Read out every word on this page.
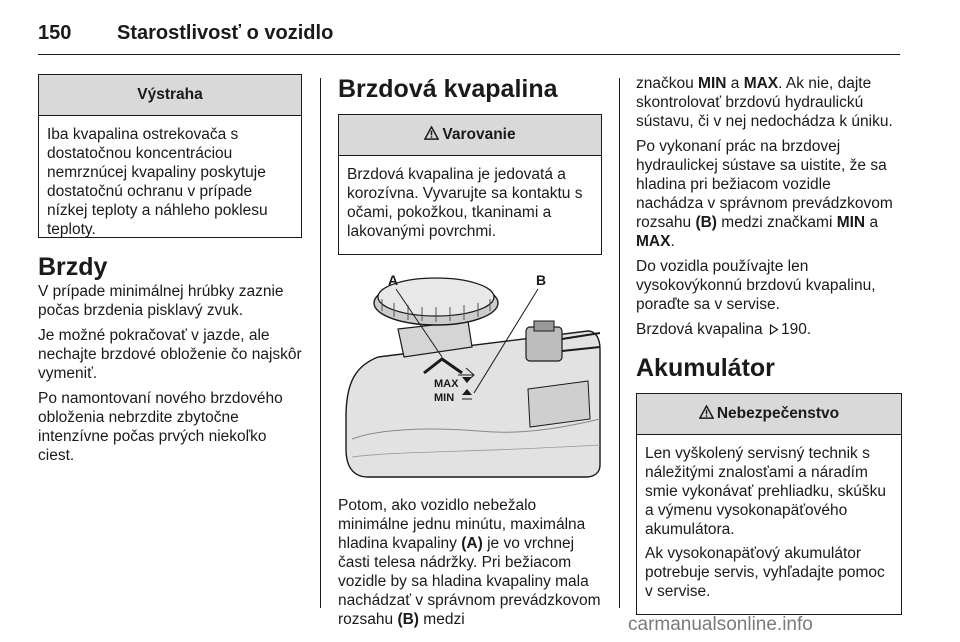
150 Starostlivosť o vozidlo
Výstraha

Iba kvapalina ostrekovača s dostatočnou koncentráciou nemrznúcej kvapaliny poskytuje dostatočnú ochranu v prípade nízkej teploty a náhleho poklesu teploty.

Brzdy

V prípade minimálnej hrúbky zaznie počas brzdenia pisklavý zvuk.

Je možné pokračovať v jazde, ale nechajte brzdové obloženie čo najskôr vymeniť.

Po namontovaní nového brzdového obloženia nebrzdite zbytočne intenzívne počas prvých niekoľko ciest.

Brzdová kvapalina
Varovanie

Brzdová kvapalina je jedovatá a korozívna. Vyvarujte sa kontaktu s očami, pokožkou, tkaninami a lakovanými povrchmi.

MAX
MIN
A	B

Potom, ako vozidlo nebežalo minimálne jednu minútu, maximálna hladina kvapaliny (A) je vo vrchnej časti telesa nádržky. Pri bežiacom vozidle by sa hladina kvapaliny mala nachádzať v správnom prevádzkovom rozsahu (B) medzi

značkou MIN a MAX. Ak nie, dajte skontrolovať brzdovú hydraulickú sústavu, či v nej nedochádza k úniku.

Po vykonaní prác na brzdovej hydraulickej sústave sa uistite, že sa hladina pri bežiacom vozidle nachádza v správnom prevádzkovom rozsahu (B) medzi značkami MIN a MAX.

Do vozidla používajte len vysokovýkonnú brzdovú kvapalinu, poraďte sa v servise.

Brzdová kvapalina 190.

Akumulátor
Nebezpečenstvo

Len vyškolený servisný technik s náležitými znalosťami a náradím smie vykonávať prehliadku, skúšku a výmenu vysokonapäťového akumulátora.

Ak vysokonapäťový akumulátor potrebuje servis, vyhľadajte pomoc v servise.

carmanualsonline.info
